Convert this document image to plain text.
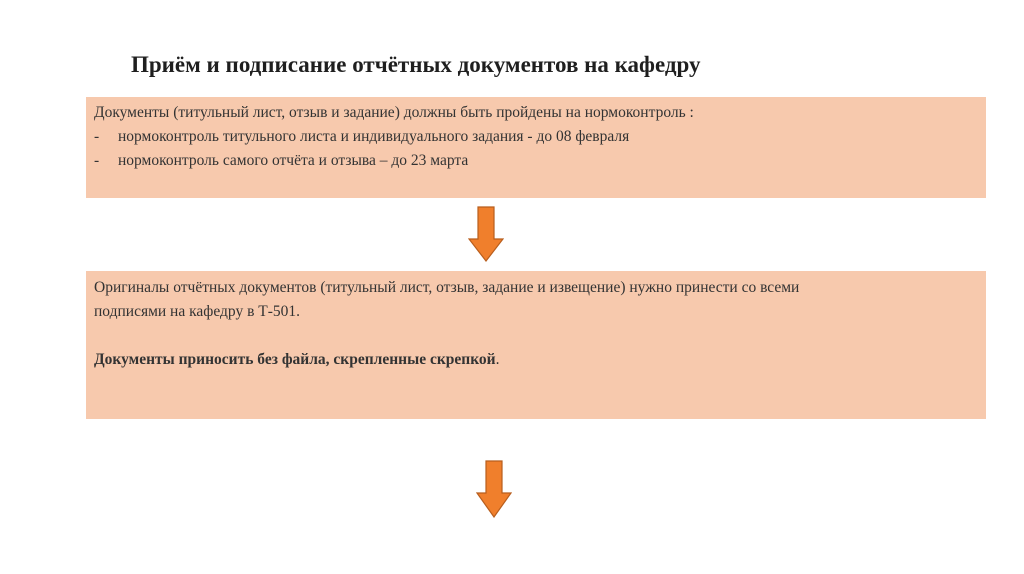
Приём и подписание отчётных документов на кафедру
Документы (титульный лист, отзыв и задание) должны быть пройдены на нормоконтроль :
-	нормоконтроль титульного листа и индивидуального задания - до 08 февраля
-	нормоконтроль самого отчёта и отзыва – до 23 марта
Оригиналы отчётных документов (титульный лист, отзыв, задание и извещение) нужно принести со всеми
подписями на кафедру в Т-501.
Документы приносить без файла, скрепленные скрепкой.
